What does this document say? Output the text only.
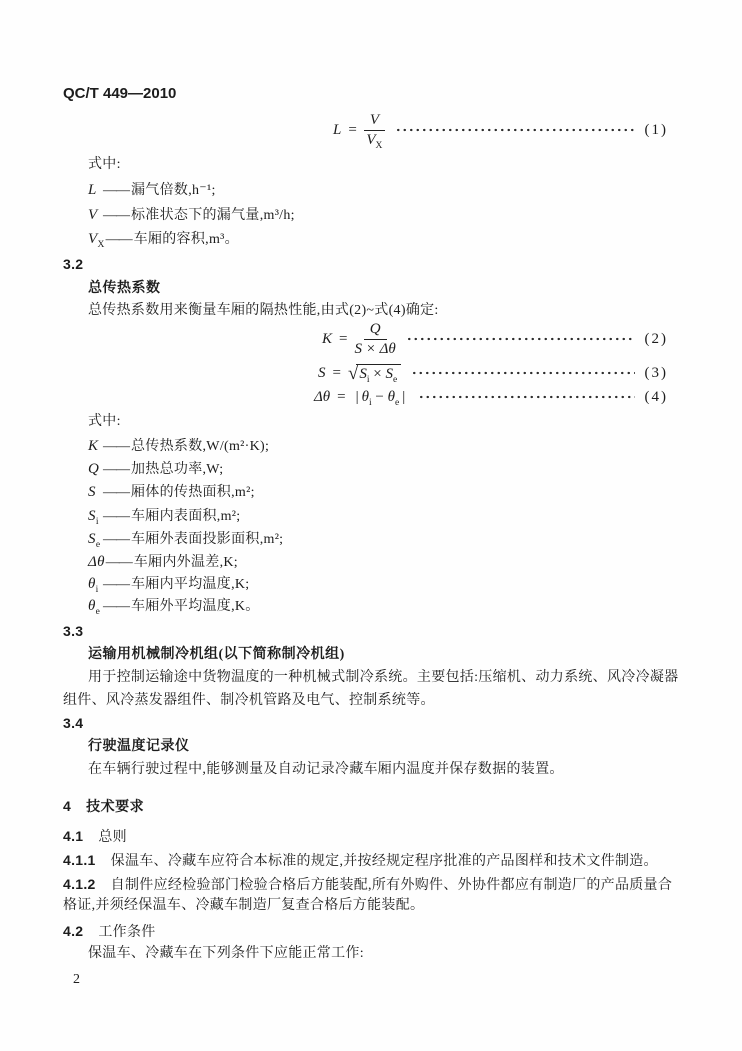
QC/T 449—2010
$L = \frac{V}{V_X}$	(1)
式中:
L —— 漏气倍数,h⁻¹;
V —— 标准状态下的漏气量,m³/h;
$V_X$ —— 车厢的容积,m³。
3.2
总传热系数
总传热系数用来衡量车厢的隔热性能,由式(2)~式(4)确定:
$K = \frac{Q}{S \times \Delta\theta}$	(2)
S = √ $S_i \times S_e$	(3)
Δθ = | $\theta_i - \theta_e$ |	(4)
式中:
K —— 总传热系数,W/(m²·K);
Q —— 加热总功率,W;
S —— 厢体的传热面积,m²;
$S_i$ —— 车厢内表面积,m²;
$S_e$ —— 车厢外表面投影面积,m²;
Δθ —— 车厢内外温差,K;
$\theta_i$ —— 车厢内平均温度,K;
$\theta_e$ —— 车厢外平均温度,K。
3.3
运输用机械制冷机组(以下简称制冷机组)
用于控制运输途中货物温度的一种机械式制冷系统。主要包括:压缩机、动力系统、风冷冷凝器
组件、风冷蒸发器组件、制冷机管路及电气、控制系统等。
3.4
行驶温度记录仪
在车辆行驶过程中,能够测量及自动记录冷藏车厢内温度并保存数据的装置。
4 技术要求
4.1 总则
4.1.1 保温车、冷藏车应符合本标准的规定,并按经规定程序批准的产品图样和技术文件制造。
4.1.2 自制件应经检验部门检验合格后方能装配,所有外购件、外协件都应有制造厂的产品质量合
格证,并须经保温车、冷藏车制造厂复查合格后方能装配。
4.2 工作条件
保温车、冷藏车在下列条件下应能正常工作:
2
